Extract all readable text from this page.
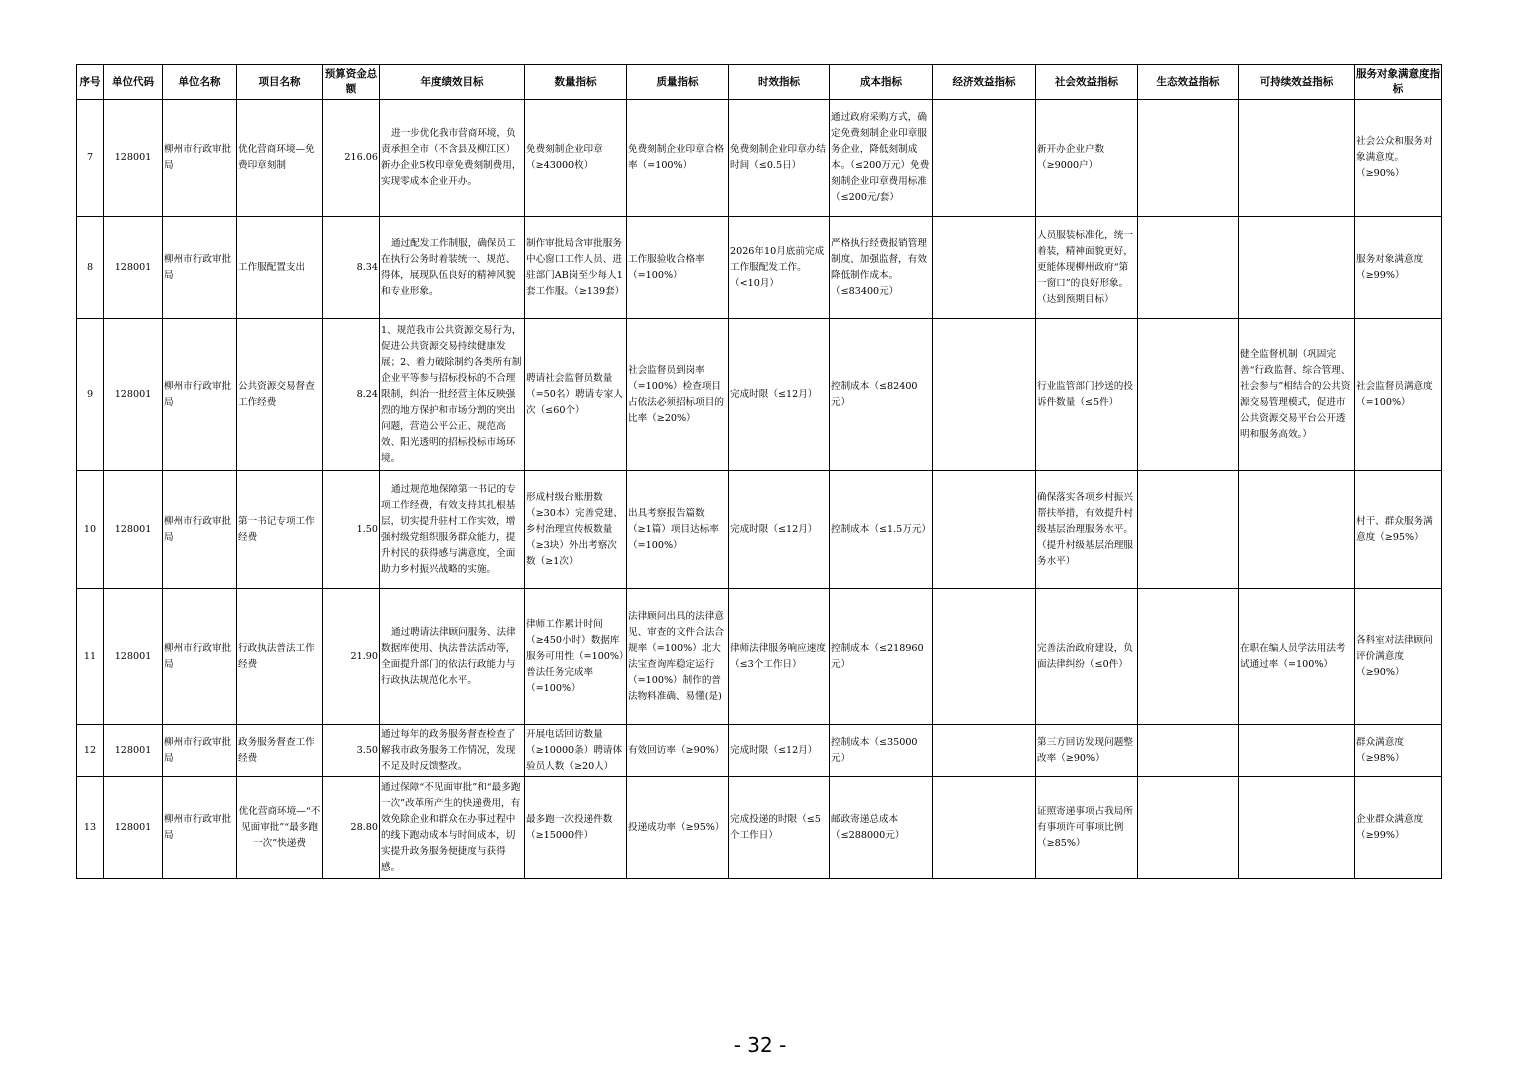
序号	单位代码	单位名称	项目名称	预算资金总额	年度绩效目标	数量指标	质量指标	时效指标	成本指标	经济效益指标	社会效益指标	生态效益指标	可持续效益指标	服务对象满意度指标
7	128001	柳州市行政审批局	优化营商环境—免费印章刻制	216.06	进一步优化我市营商环境，负责承担全市（不含县及柳江区）新办企业5枚印章免费刻制费用，实现零成本企业开办。	免费刻制企业印章（≥43000枚）	免费刻制企业印章合格率（=100%）	免费刻制企业印章办结时间（≤0.5日）	通过政府采购方式，确定免费刻制企业印章服务企业，降低刻制成本。（≤200万元）免费刻制企业印章费用标准（≤200元/套）		新开办企业户数（≥9000户）			社会公众和服务对象满意度。（≥90%）
8	128001	柳州市行政审批局	工作服配置支出	8.34	通过配发工作制服，确保员工在执行公务时着装统一、规范、得体，展现队伍良好的精神风貌和专业形象。	制作审批局含审批服务中心窗口工作人员、进驻部门AB岗至少每人1套工作服。（≥139套）	工作服验收合格率（=100%）	2026年10月底前完成工作服配发工作。（<10月）	严格执行经费报销管理制度、加强监督，有效降低制作成本。（≤83400元）		人员服装标准化，统一着装，精神面貌更好，更能体现柳州政府“第一窗口”的良好形象。（达到预期目标）			服务对象满意度（≥99%）
9	128001	柳州市行政审批局	公共资源交易督查工作经费	8.24	1、规范我市公共资源交易行为，促进公共资源交易持续健康发展；2、着力破除制约各类所有制企业平等参与招标投标的不合理限制，纠治一批经营主体反映强烈的地方保护和市场分割的突出问题，营造公平公正、规范高效、阳光透明的招标投标市场环境。	聘请社会监督员数量（=50名）聘请专家人次（≤60个）	社会监督员到岗率（=100%）检查项目占依法必须招标项目的比率（≥20%）	完成时限（≤12月）	控制成本（≤82400元）		行业监管部门抄送的投诉件数量（≤5件）		健全监督机制（巩固完善“行政监督、综合管理、社会参与”相结合的公共资源交易管理模式，促进市公共资源交易平台公开透明和服务高效。）	社会监督员满意度（=100%）
10	128001	柳州市行政审批局	第一书记专项工作经费	1.50	通过规范地保障第一书记的专项工作经费，有效支持其扎根基层，切实提升驻村工作实效，增强村级党组织服务群众能力，提升村民的获得感与满意度，全面助力乡村振兴战略的实施。	形成村级台账册数（≥30本）完善党建、乡村治理宣传板数量（≥3块）外出考察次数（≥1次）	出具考察报告篇数（≥1篇）项目达标率（=100%）	完成时限（≤12月）	控制成本（≤1.5万元）		确保落实各项乡村振兴帮扶举措，有效提升村级基层治理服务水平。（提升村级基层治理服务水平）			村干、群众服务满意度（≥95%）
11	128001	柳州市行政审批局	行政执法普法工作经费	21.90	通过聘请法律顾问服务、法律数据库使用、执法普法活动等，全面提升部门的依法行政能力与行政执法规范化水平。	律师工作累计时间（≥450小时）数据库服务可用性（=100%）普法任务完成率（=100%）	法律顾问出具的法律意见、审查的文件合法合规率（=100%）北大法宝查询库稳定运行（=100%）制作的普法物料准确、易懂(是)	律师法律服务响应速度（≤3个工作日）	控制成本（≤218960元）		完善法治政府建设，负面法律纠纷（≤0件）		在职在编人员学法用法考试通过率（=100%）	各科室对法律顾问评价满意度（≥90%）
12	128001	柳州市行政审批局	政务服务督查工作经费	3.50	通过每年的政务服务督查检查了解我市政务服务工作情况，发现不足及时反馈整改。	开展电话回访数量（≥10000条）聘请体验员人数（≥20人）	有效回访率（≥90%）	完成时限（≤12月）	控制成本（≤35000元）		第三方回访发现问题整改率（≥90%）			群众满意度（≥98%）
13	128001	柳州市行政审批局	优化营商环境—“不见面审批”“最多跑一次”快递费	28.80	通过保障“不见面审批”和“最多跑一次”改革所产生的快递费用，有效免除企业和群众在办事过程中的线下跑动成本与时间成本，切实提升政务服务便捷度与获得感。	最多跑一次投递件数（≥15000件）	投递成功率（≥95%）	完成投递的时限（≤5个工作日）	邮政寄递总成本（≤288000元）		证照寄递事项占我局所有事项许可事项比例（≥85%）			企业群众满意度（≥99%）
- 32 -
